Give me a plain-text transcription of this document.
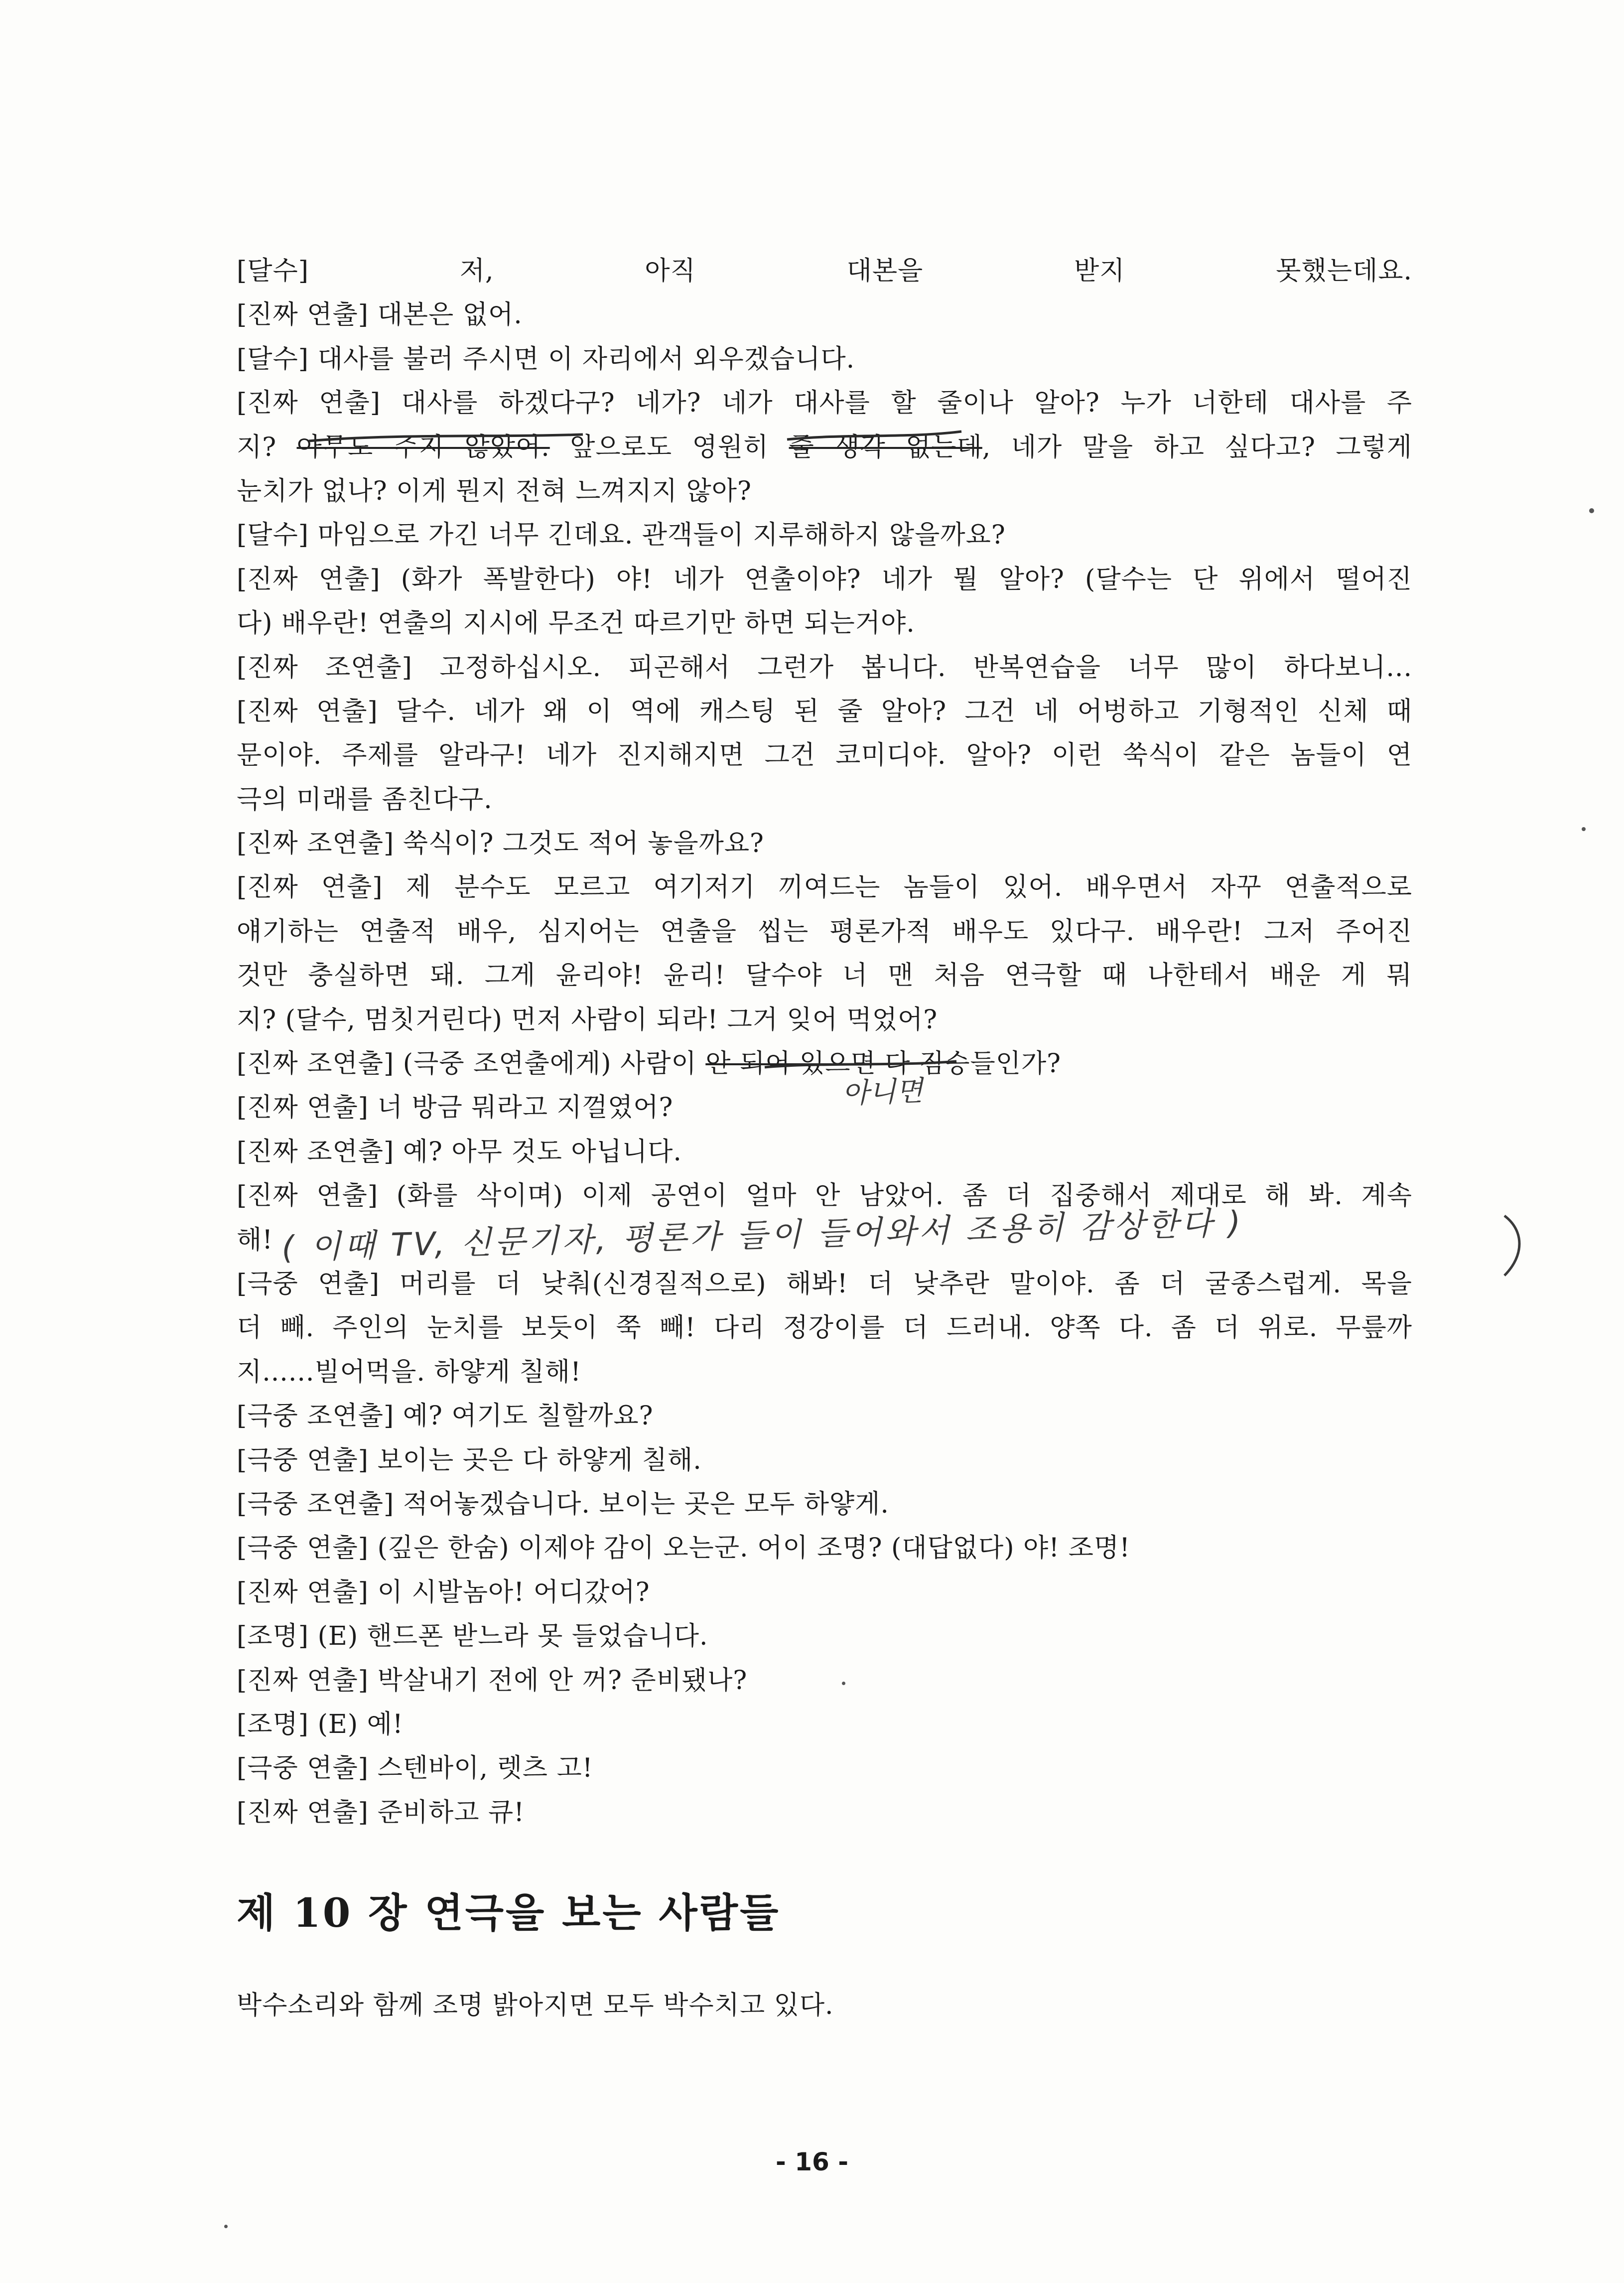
[달수] 저, 아직 대본을 받지 못했는데요.
[진짜 연출] 대본은 없어.
[달수] 대사를 불러 주시면 이 자리에서 외우겠습니다.
[진짜 연출] 대사를 하겠다구? 네가? 네가 대사를 할 줄이나 알아? 누가 너한테 대사를 주
지? 아무도 주지 않았어. 앞으로도 영원히 줄 생각 없는데, 네가 말을 하고 싶다고? 그렇게
눈치가 없나? 이게 뭔지 전혀 느껴지지 않아?
[달수] 마임으로 가긴 너무 긴데요. 관객들이 지루해하지 않을까요?
[진짜 연출] (화가 폭발한다) 야! 네가 연출이야? 네가 뭘 알아? (달수는 단 위에서 떨어진
다) 배우란! 연출의 지시에 무조건 따르기만 하면 되는거야.
[진짜 조연출] 고정하십시오. 피곤해서 그런가 봅니다. 반복연습을 너무 많이 하다보니...
[진짜 연출] 달수. 네가 왜 이 역에 캐스팅 된 줄 알아? 그건 네 어벙하고 기형적인 신체 때
문이야. 주제를 알라구! 네가 진지해지면 그건 코미디야. 알아? 이런 쑥식이 같은 놈들이 연
극의 미래를 좀친다구.
[진짜 조연출] 쑥식이? 그것도 적어 놓을까요?
[진짜 연출] 제 분수도 모르고 여기저기 끼여드는 놈들이 있어. 배우면서 자꾸 연출적으로
얘기하는 연출적 배우, 심지어는 연출을 씹는 평론가적 배우도 있다구. 배우란! 그저 주어진
것만 충실하면 돼. 그게 윤리야! 윤리! 달수야 너 맨 처음 연극할 때 나한테서 배운 게 뭐
지? (달수, 멈칫거린다) 먼저 사람이 되라! 그거 잊어 먹었어?
[진짜 조연출] (극중 조연출에게) 사람이 안 되어 있으면 다 짐승들인가?
[진짜 연출] 너 방금 뭐라고 지껄였어?
[진짜 조연출] 예? 아무 것도 아닙니다.
[진짜 연출] (화를 삭이며) 이제 공연이 얼마 안 남았어. 좀 더 집중해서 제대로 해 봐. 계속
해!
[극중 연출] 머리를 더 낮춰(신경질적으로) 해봐! 더 낮추란 말이야. 좀 더 굴종스럽게. 목을
더 빼. 주인의 눈치를 보듯이 쭉 빼! 다리 정강이를 더 드러내. 양쪽 다. 좀 더 위로. 무릎까
지......빌어먹을. 하얗게 칠해!
[극중 조연출] 예? 여기도 칠할까요?
[극중 연출] 보이는 곳은 다 하얗게 칠해.
[극중 조연출] 적어놓겠습니다. 보이는 곳은 모두 하얗게.
[극중 연출] (깊은 한숨) 이제야 감이 오는군. 어이 조명? (대답없다) 야! 조명!
[진짜 연출] 이 시발놈아! 어디갔어?
[조명] (E) 핸드폰 받느라 못 들었습니다.
[진짜 연출] 박살내기 전에 안 꺼? 준비됐나?
[조명] (E) 예!
[극중 연출] 스텐바이, 렛츠 고!
[진짜 연출] 준비하고 큐!
아니면
( 이때 TV, 신문기자, 평론가 들이 들어와서 조용히 감상한다 )
제 10 장 연극을 보는 사람들
박수소리와 함께 조명 밝아지면 모두 박수치고 있다.
- 16 -
